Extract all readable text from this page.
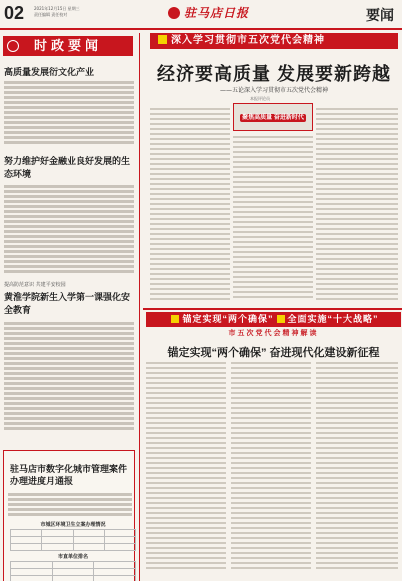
02 2021年12月15日 星期三 责任编辑 责任校对	驻马店日报	要闻
时政要闻
高质量发展衍文化产业
努力维护好金融业良好发展的生态环境
提高防范意识 共建平安校园
黄淮学院新生入学第一课强化安全教育
驻马店市数字化城市管理案件办理进度月通报
市城区环境卫生立案办理情况

市直单位排名

深入学习贯彻市五次党代会精神
经济要高质量 发展要新跨越
——五论深入学习贯彻市五次党代会精神
本报评论员
聚焦高质量 奋进新时代
锚定实现“两个确保” 全面实施“十大战略”
市五次党代会精神解读
锚定实现“两个确保” 奋进现代化建设新征程
